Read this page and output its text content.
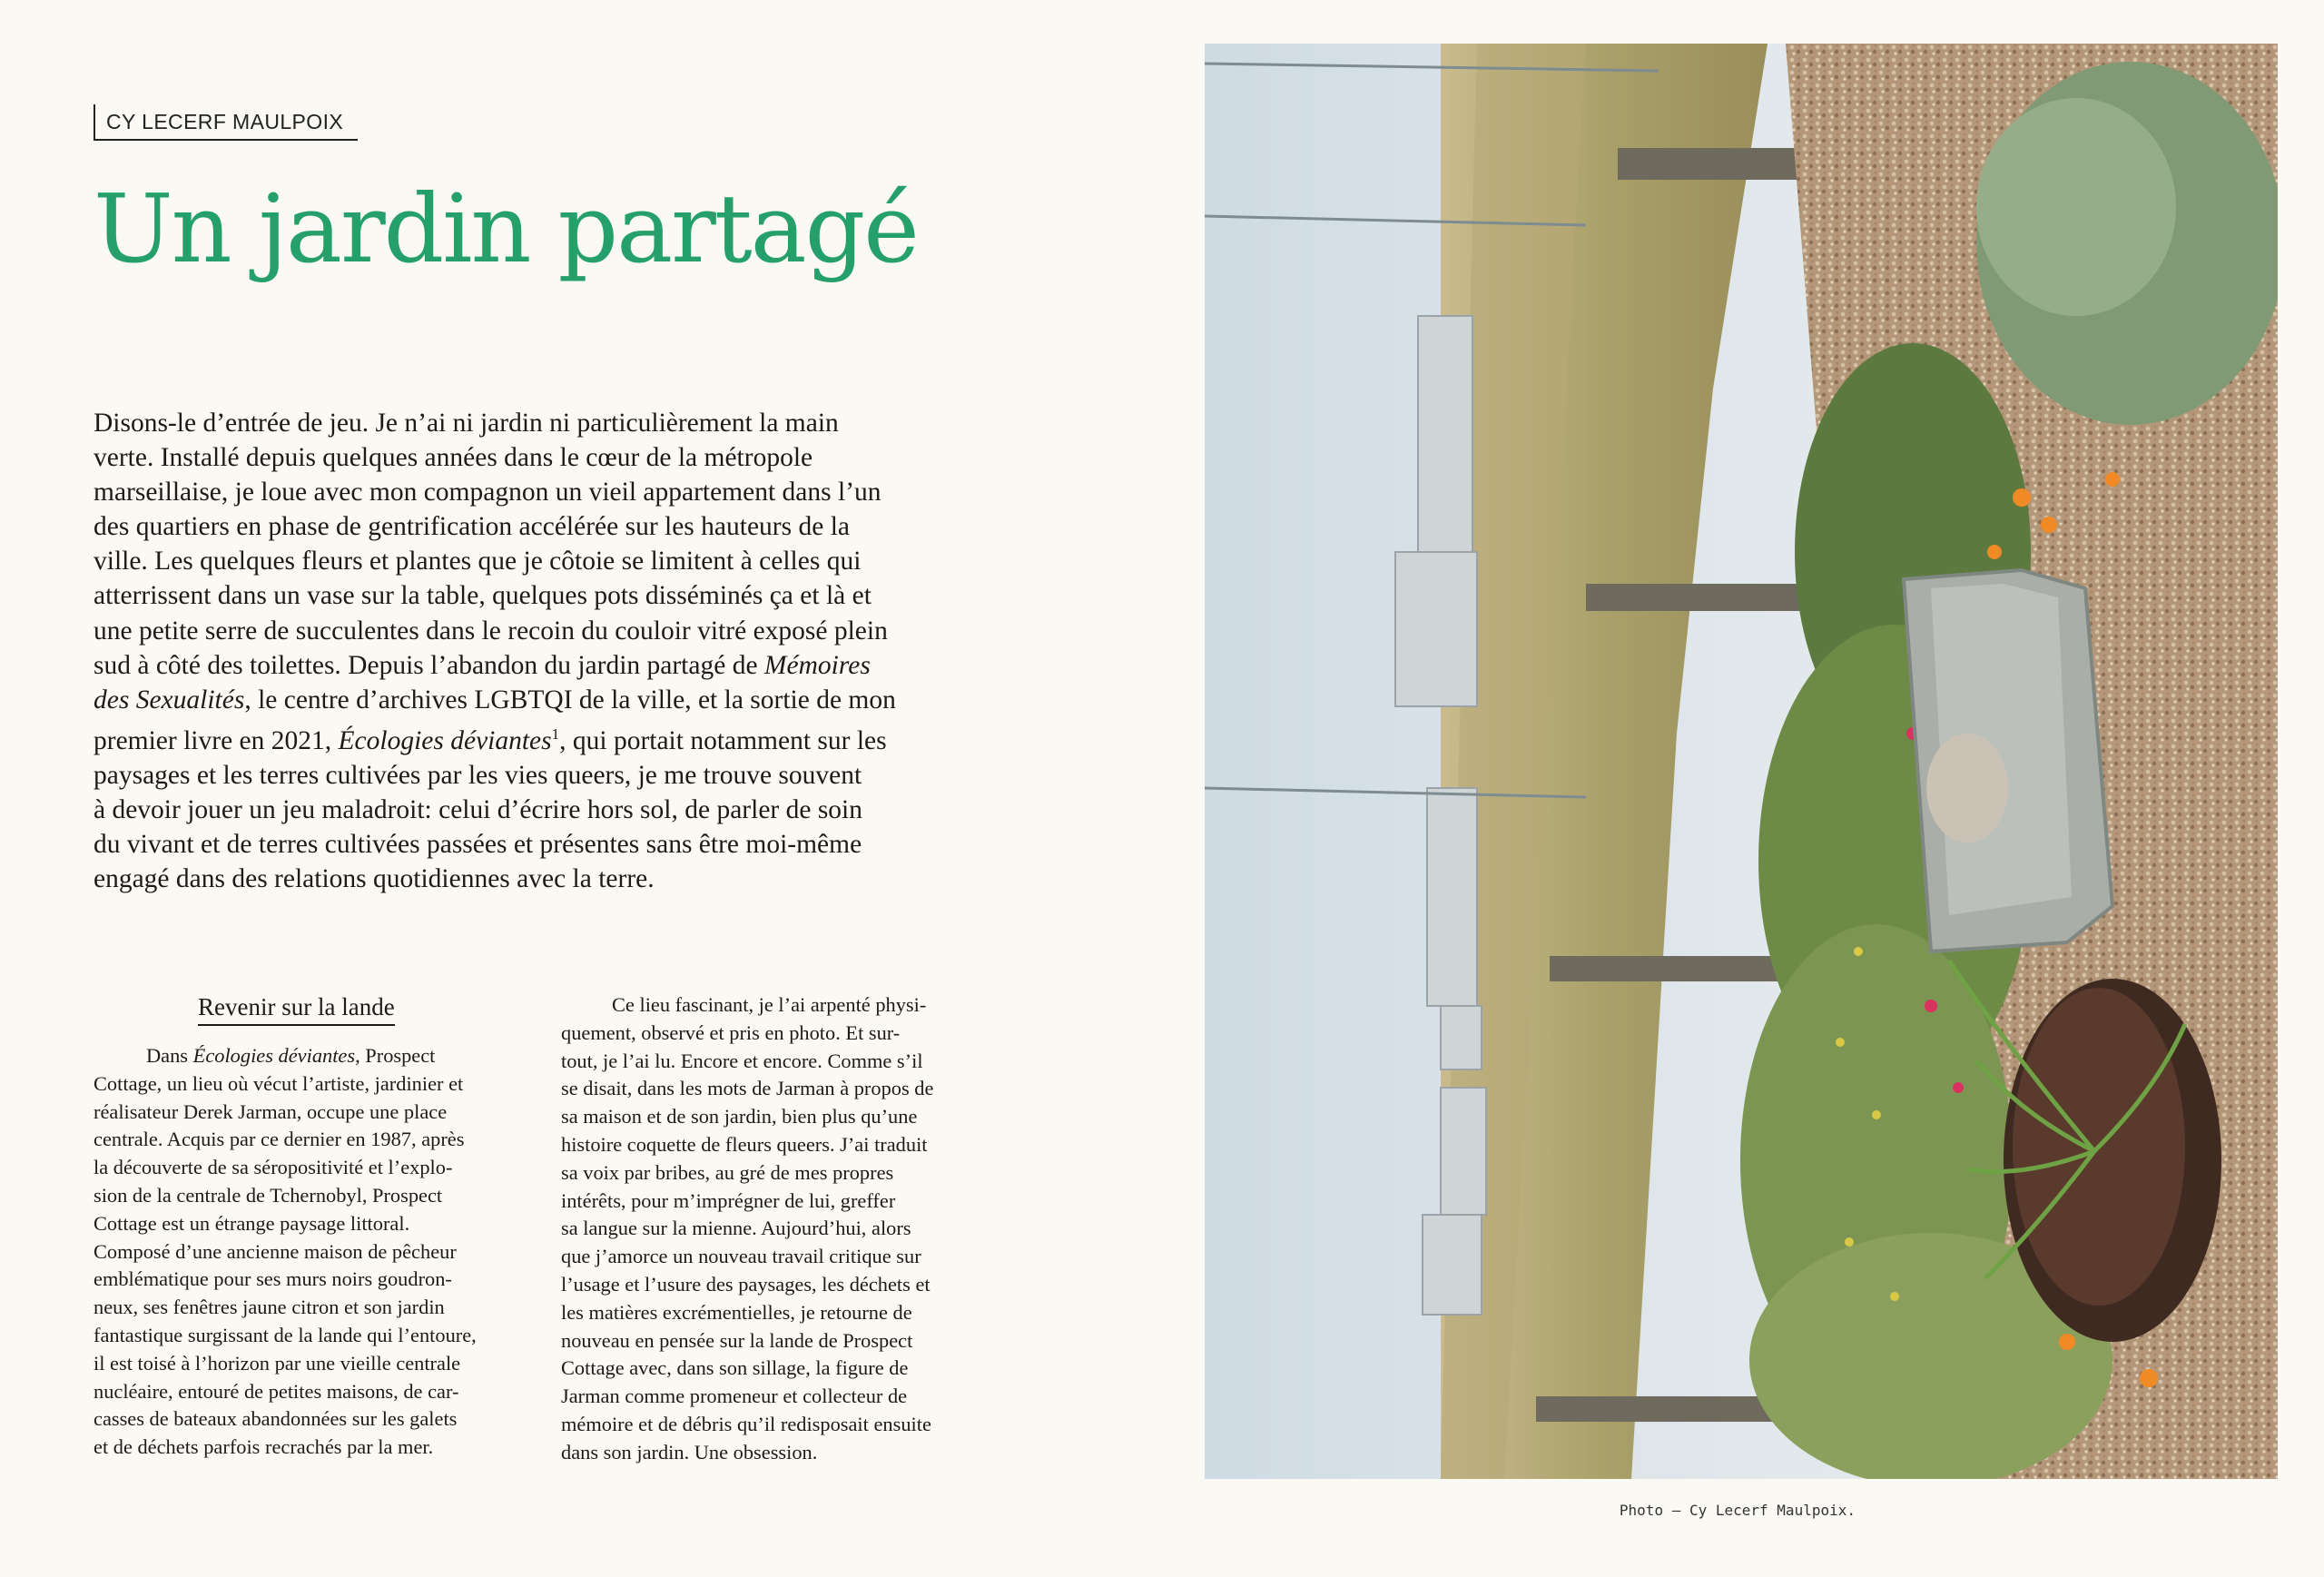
CY LECERF MAULPOIX
Un jardin partagé

Disons-le d’entrée de jeu. Je n’ai ni jardin ni particulièrement la main
verte. Installé depuis quelques années dans le cœur de la métropole
marseillaise, je loue avec mon compagnon un vieil appartement dans l’un
des quartiers en phase de gentrification accélérée sur les hauteurs de la
ville. Les quelques fleurs et plantes que je côtoie se limitent à celles qui
atterrissent dans un vase sur la table, quelques pots disséminés ça et là et
une petite serre de succulentes dans le recoin du couloir vitré exposé plein
sud à côté des toilettes. Depuis l’abandon du jardin partagé de Mémoires
des Sexualités, le centre d’archives LGBTQI de la ville, et la sortie de mon
premier livre en 2021, Écologies déviantes$^1$, qui portait notamment sur les
paysages et les terres cultivées par les vies queers, je me trouve souvent
à devoir jouer un jeu maladroit: celui d’écrire hors sol, de parler de soin
du vivant et de terres cultivées passées et présentes sans être moi-même
engagé dans des relations quotidiennes avec la terre.

Revenir sur la lande

Dans Écologies déviantes, Prospect
Cottage, un lieu où vécut l’artiste, jardinier et
réalisateur Derek Jarman, occupe une place
centrale. Acquis par ce dernier en 1987, après
la découverte de sa séropositivité et l’explo-
sion de la centrale de Tchernobyl, Prospect
Cottage est un étrange paysage littoral.
Composé d’une ancienne maison de pêcheur
emblématique pour ses murs noirs goudron-
neux, ses fenêtres jaune citron et son jardin
fantastique surgissant de la lande qui l’entoure,
il est toisé à l’horizon par une vieille centrale
nucléaire, entouré de petites maisons, de car-
casses de bateaux abandonnées sur les galets
et de déchets parfois recrachés par la mer.

Ce lieu fascinant, je l’ai arpenté physi-
quement, observé et pris en photo. Et sur-
tout, je l’ai lu. Encore et encore. Comme s’il
se disait, dans les mots de Jarman à propos de
sa maison et de son jardin, bien plus qu’une
histoire coquette de fleurs queers. J’ai traduit
sa voix par bribes, au gré de mes propres
intérêts, pour m’imprégner de lui, greffer
sa langue sur la mienne. Aujourd’hui, alors
que j’amorce un nouveau travail critique sur
l’usage et l’usure des paysages, les déchets et
les matières excrémentielles, je retourne de
nouveau en pensée sur la lande de Prospect
Cottage avec, dans son sillage, la figure de
Jarman comme promeneur et collecteur de
mémoire et de débris qu’il redisposait ensuite
dans son jardin. Une obsession.

Photo – Cy Lecerf Maulpoix.
